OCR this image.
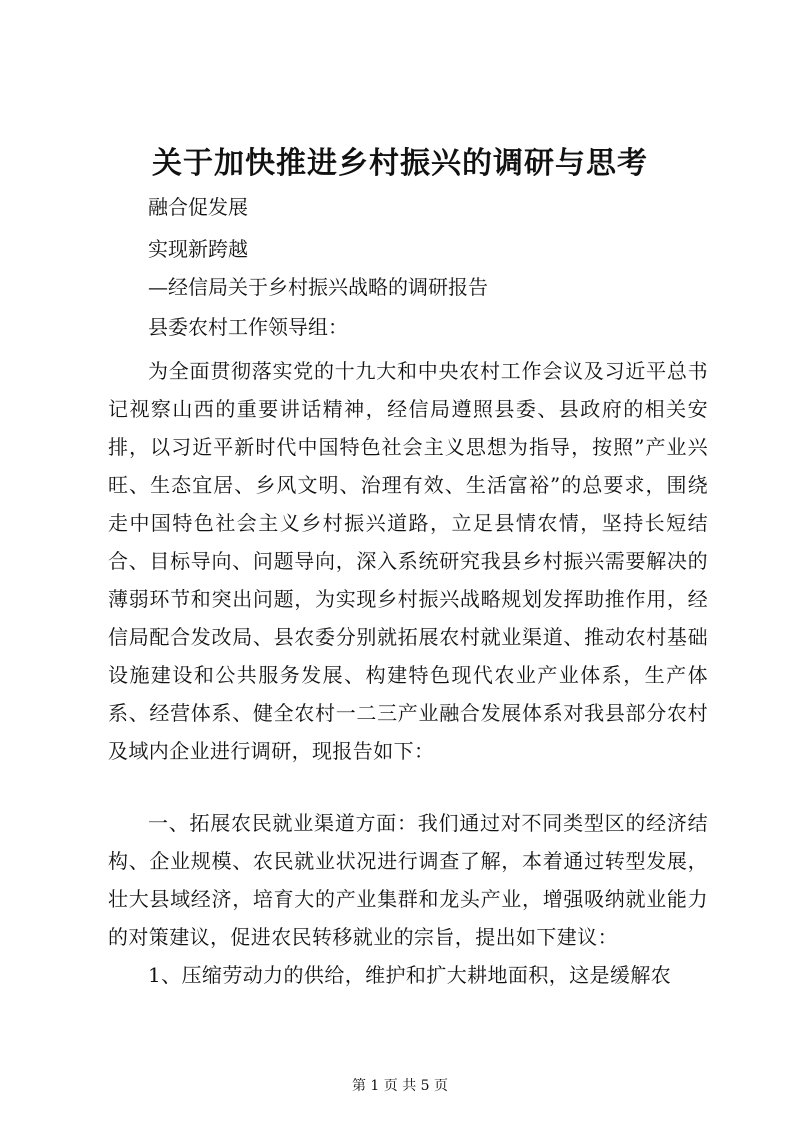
关于加快推进乡村振兴的调研与思考

融合促发展

实现新跨越

—经信局关于乡村振兴战略的调研报告

县委农村工作领导组：

为全面贯彻落实党的十九大和中央农村工作会议及习近平总书记视察山西的重要讲话精神，经信局遵照县委、县政府的相关安排，以习近平新时代中国特色社会主义思想为指导，按照”产业兴旺、生态宜居、乡风文明、治理有效、生活富裕”的总要求，围绕走中国特色社会主义乡村振兴道路，立足县情农情，坚持长短结合、目标导向、问题导向，深入系统研究我县乡村振兴需要解决的薄弱环节和突出问题，为实现乡村振兴战略规划发挥助推作用，经信局配合发改局、县农委分别就拓展农村就业渠道、推动农村基础设施建设和公共服务发展、构建特色现代农业产业体系，生产体系、经营体系、健全农村一二三产业融合发展体系对我县部分农村及域内企业进行调研，现报告如下：

一、拓展农民就业渠道方面：我们通过对不同类型区的经济结构、企业规模、农民就业状况进行调查了解，本着通过转型发展，壮大县域经济，培育大的产业集群和龙头产业，增强吸纳就业能力的对策建议，促进农民转移就业的宗旨，提出如下建议：

1、压缩劳动力的供给，维护和扩大耕地面积，这是缓解农

第 1 页 共 5 页
